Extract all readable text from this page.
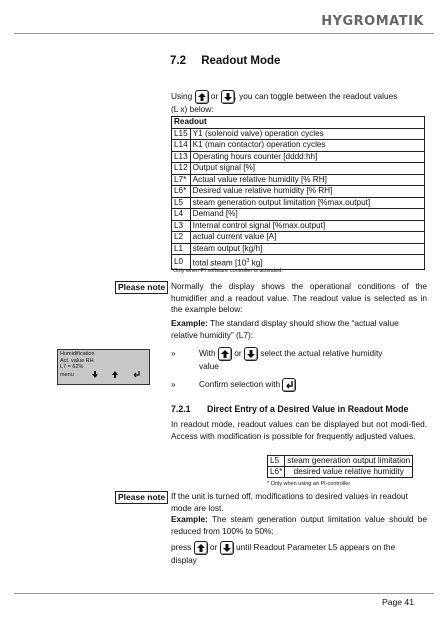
HYGROMATIK
7.2 Readout Mode
Using or , you can toggle between the readout values
(L x) below:
Readout	
L15	Y1 (solenoid valve) operation cycles
L14	K1 (main contactor) operation cycles
L13	Operating hours counter [dddd:hh]
L12	Output signal [%]
L7*	Actual value relative humidity [% RH]
L6*	Desired value relative humidity [% RH]
L5	steam generation output limitation [%max.output]
L4	Demand [%]
L3	Internal control signal [%max.output]
L2	actual current value [A]
L1	steam output [kg/h]
L0	total steam [$10^3$ kg]
*Only when PI software controller is activated.
Please note Normally the display shows the operational conditions of the humidifier and a readout value. The readout value is selected as in the example below:
Example: The standard display should show the “actual value relative humidity” (L7):
Humidification
Act. value RH
L7 = 62%
menu
»	With or select the actual relative humidity
value
»	Confirm selection with
7.2.1 Direct Entry of a Desired Value in Readout Mode
In readout mode, readout values can be displayed but not modi-fied. Access with modification is possible for frequently adjusted values.
L5	steam generation output limitation
L6*	desired value relative humidity
* Only when using an PI-controller
Please note If the unit is turned off, modifications to desired values in readout mode are lost.
Example: The steam generation output limitation value should be reduced from 100% to 50%:
press or until Readout Parameter L5 appears on the
display
Page 41
